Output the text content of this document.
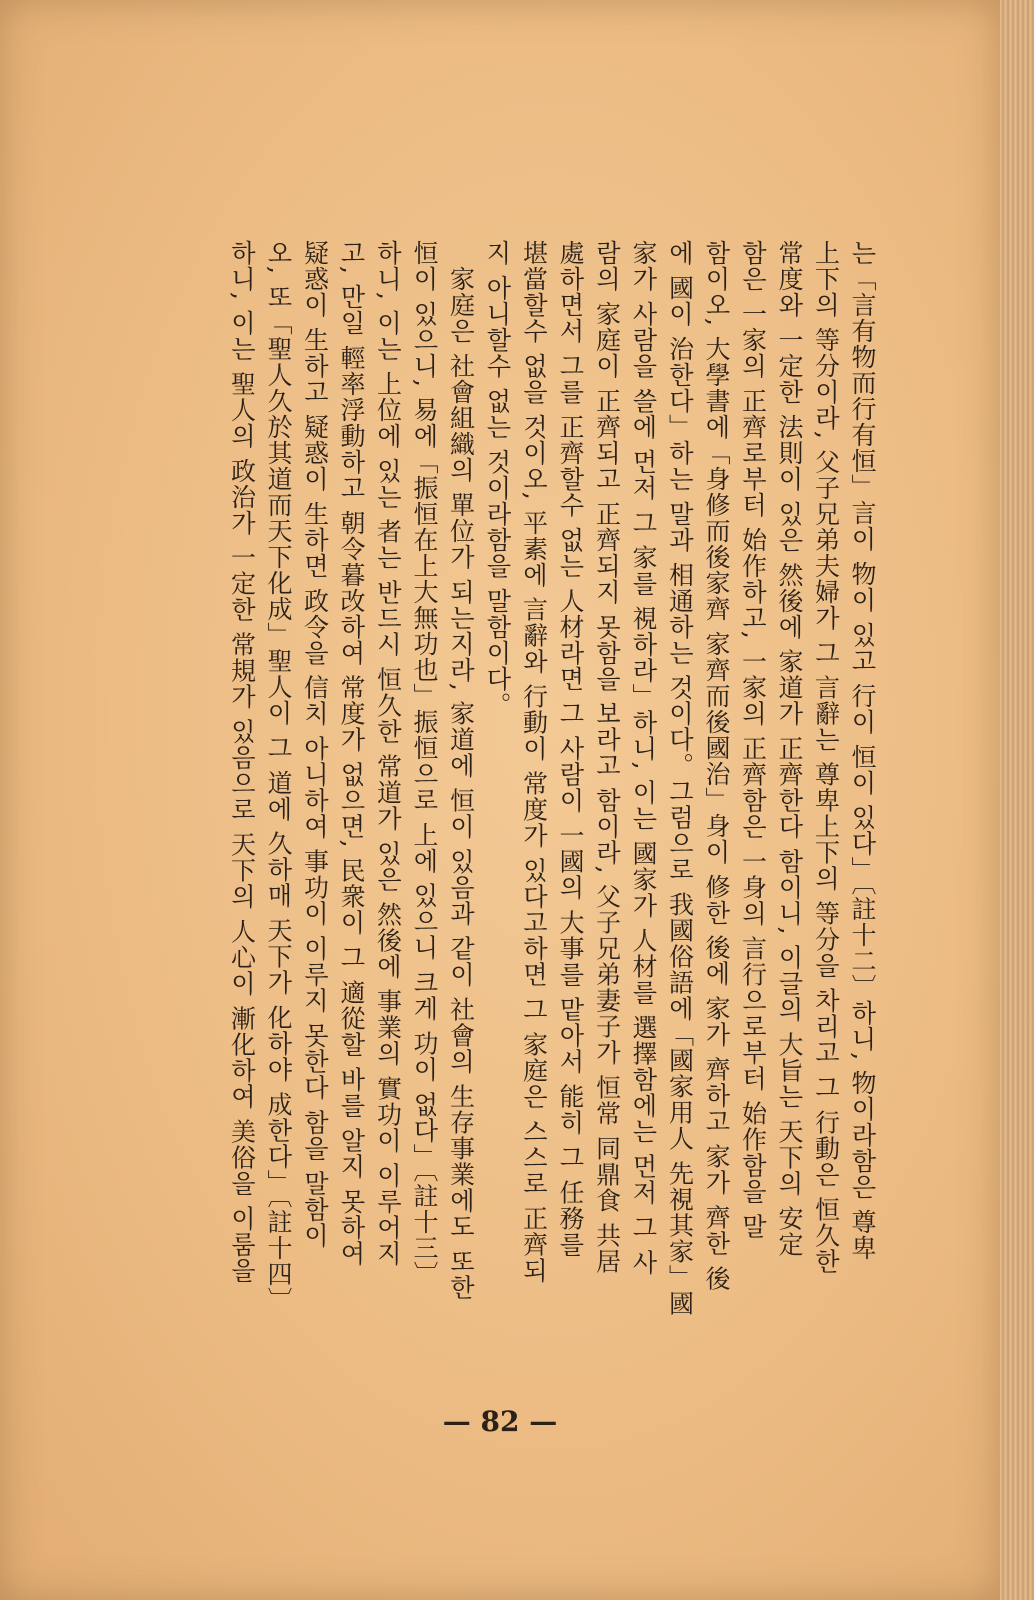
는「言有物而行有恒」言이 物이 있고 行이 恒이 있다」〔註十二〕하니, 物이라함은 尊卑
上下의 等分이라, 父子兄弟夫婦가 그 言辭는 尊卑上下의 等分을 차리고 그 行動은 恒久한
常度와 一定한 法則이 있은 然後에 家道가 正齊한다 함이니, 이글의 大旨는 天下의 安定
함은 一家의 正齊로부터 始作하고, 一家의 正齊함은 一身의 言行으로부터 始作함을 말
함이오, 大學書에「身修而後家齊 家齊而後國治」身이 修한 後에 家가 齊하고 家가 齊한 後
에 國이 治한다」하는 말과 相通하는 것이다。그럼으로 我國俗語에「國家用人 先視其家」國
家가 사람을 쓸에 먼저 그 家를 視하라」하니, 이는 國家가 人材를 選擇함에는 먼저 그 사
람의 家庭이 正齊되고 正齊되지 못함을 보라고 함이라, 父子兄弟妻子가 恒常 同鼎食 共居
處하면서 그를 正齊할수 없는 人材라면 그 사람이 一國의 大事를 맡아서 能히 그 任務를
堪當할수 없을 것이오, 平素에 言辭와 行動이 常度가 있다고하면 그 家庭은 스스로 正齊되
지 아니할수 없는 것이라함을 말함이다。
　家庭은 社會組織의 單位가 되는지라, 家道에 恒이 있음과 같이 社會의 生存事業에도 또한
恒이 있으니, 易에「振恒在上大無功也」振恒으로 上에 있으니 크게 功이 없다」〔註十三〕
하니, 이는 上位에 있는 者는 반드시 恒久한 常道가 있은 然後에 事業의 實功이 이루어지
고, 만일 輕率浮動하고 朝令暮改하여 常度가 없으면, 民衆이 그 適從할 바를 알지 못하여
疑惑이 生하고 疑惑이 生하면 政令을 信치 아니하여 事功이 이루지 못한다 함을 말함이
오, 또「聖人久於其道而天下化成」聖人이 그 道에 久하매 天下가 化하야 成한다」〔註十四〕
하니, 이는 聖人의 政治가 一定한 常規가 있음으로 天下의 人心이 漸化하여 美俗을 이룸을
— 82 —
